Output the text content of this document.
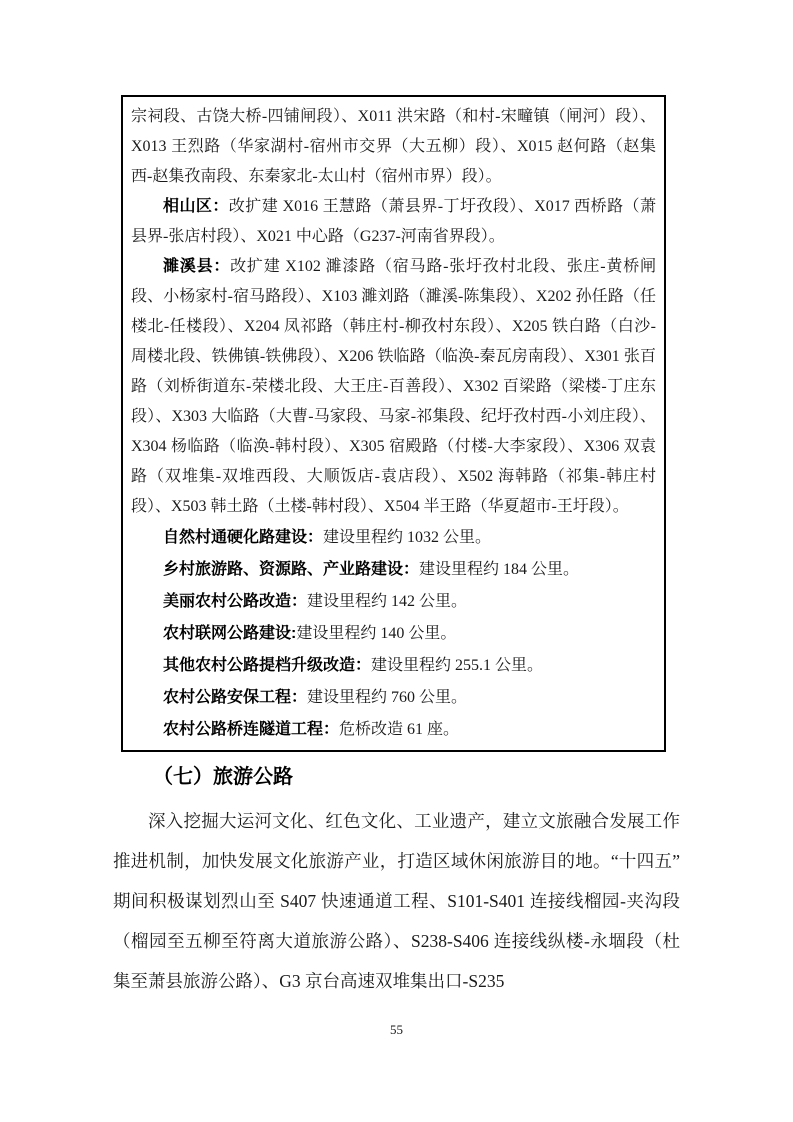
宗祠段、古饶大桥-四铺闸段）、X011 洪宋路（和村-宋疃镇（闸河）段）、X013 王烈路（华家湖村-宿州市交界（大五柳）段）、X015 赵何路（赵集西-赵集孜南段、东秦家北-太山村（宿州市界）段）。

相山区：改扩建 X016 王慧路（萧县界-丁圩孜段）、X017 西桥路（萧县界-张店村段）、X021 中心路（G237-河南省界段）。

濉溪县：改扩建 X102 濉漆路（宿马路-张圩孜村北段、张庄-黄桥闸段、小杨家村-宿马路段）、X103 濉刘路（濉溪-陈集段）、X202 孙任路（任楼北-任楼段）、X204 凤祁路（韩庄村-柳孜村东段）、X205 铁白路（白沙-周楼北段、铁佛镇-铁佛段）、X206 铁临路（临涣-秦瓦房南段）、X301 张百路（刘桥街道东-荣楼北段、大王庄-百善段）、X302 百梁路（梁楼-丁庄东段）、X303 大临路（大曹-马家段、马家-祁集段、纪圩孜村西-小刘庄段）、X304 杨临路（临涣-韩村段）、X305 宿殿路（付楼-大李家段）、X306 双袁路（双堆集-双堆西段、大顺饭店-袁店段）、X502 海韩路（祁集-韩庄村段）、X503 韩土路（土楼-韩村段）、X504 半王路（华夏超市-王圩段）。

自然村通硬化路建设：建设里程约 1032 公里。

乡村旅游路、资源路、产业路建设：建设里程约 184 公里。

美丽农村公路改造：建设里程约 142 公里。

农村联网公路建设:建设里程约 140 公里。

其他农村公路提档升级改造：建设里程约 255.1 公里。

农村公路安保工程：建设里程约 760 公里。

农村公路桥连隧道工程：危桥改造 61 座。

（七）旅游公路

深入挖掘大运河文化、红色文化、工业遗产，建立文旅融合发展工作推进机制，加快发展文化旅游产业，打造区域休闲旅游目的地。“十四五”期间积极谋划烈山至 S407 快速通道工程、S101-S401 连接线榴园-夹沟段（榴园至五柳至符离大道旅游公路）、S238-S406 连接线纵楼-永堌段（杜集至萧县旅游公路）、G3 京台高速双堆集出口-S235

55
